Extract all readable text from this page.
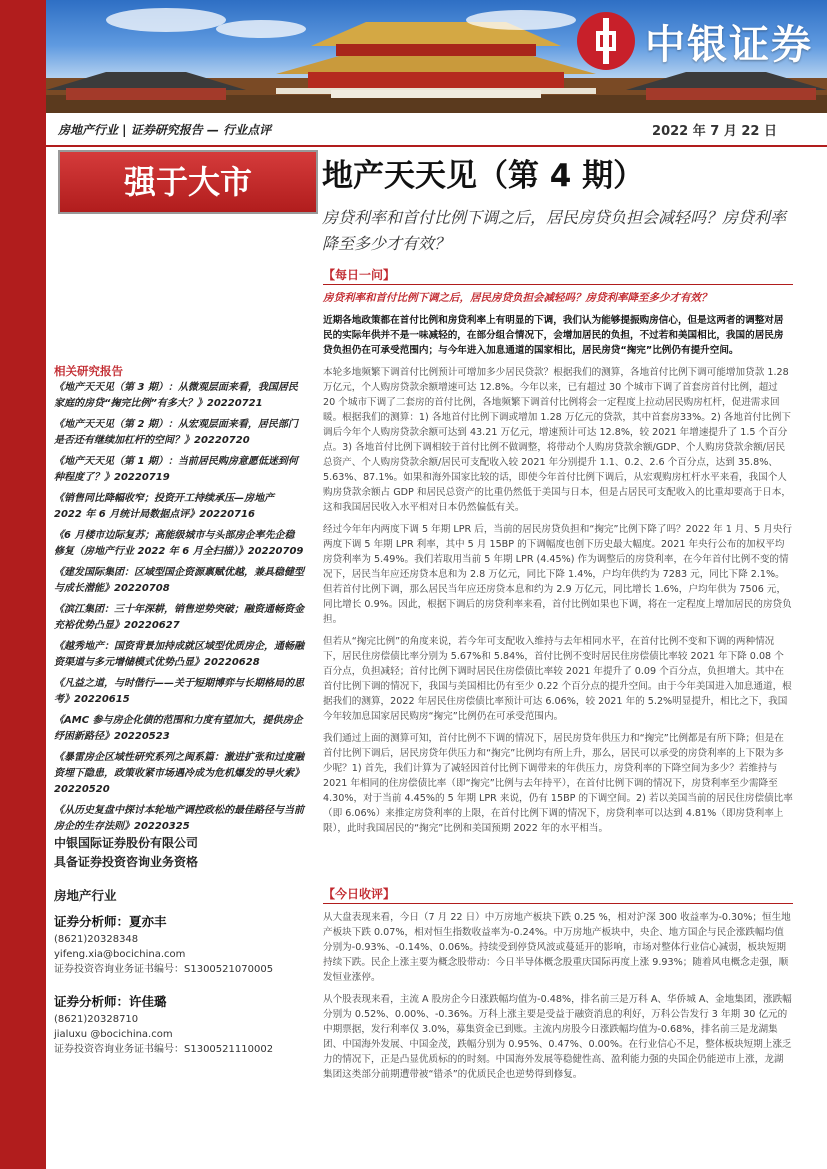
中银证券
房地产行业 | 证券研究报告 — 行业点评	2022 年 7 月 22 日
强于大市	地产天天见（第 4 期）
房贷利率和首付比例下调之后，居民房贷负担会减轻吗？房贷利率降至多少才有效？
相关研究报告
《地产天天见（第 3 期）：从微观层面来看，我国居民家庭的房贷“掬完比例”有多大？》20220721
《地产天天见（第 2 期）：从宏观层面来看，居民部门是否还有继续加杠杆的空间？》20220720
《地产天天见（第 1 期）：当前居民购房意愿低迷到何种程度了？》20220719
《销售同比降幅收窄；投资开工持续承压—房地产 2022 年 6 月统计局数据点评》20220716
《6 月楼市边际复苏；高能级城市与头部房企率先企稳修复（房地产行业 2022 年 6 月全扫描）》20220709
《建发国际集团：区域型国企资源禀赋优越，兼具稳健型与成长潜能》20220708
《滨江集团：三十年深耕，销售逆势突破；融资通畅资金充裕优势凸显》20220627
《越秀地产：国资背景加持成就区域型优质房企，通畅融资渠道与多元增储模式优势凸显》20220628
《凡益之道，与时偕行——关于短期博弈与长期格局的思考》20220615
《AMC 参与房企化债的范围和力度有望加大，提供房企纾困新路径》20220523
《暴雷房企区域性研究系列之闽系篇：激进扩张和过度融资埋下隐患，政策收紧市场遇冷成为危机爆发的导火索》20220520
《从历史复盘中探讨本轮地产调控政松的最佳路径与当前房企的生存法则》20220325
中银国际证券股份有限公司
具备证券投资咨询业务资格
房地产行业
证券分析师：夏亦丰
(8621)20328348
yifeng.xia@bocichina.com
证券投资咨询业务证书编号：S1300521070005
证券分析师：许佳璐
(8621)20328710
jialuxu @bocichina.com
证券投资咨询业务证书编号：S1300521110002
【每日一问】
房贷利率和首付比例下调之后，居民房贷负担会减轻吗？房贷利率降至多少才有效？
近期各地政策都在首付比例和房贷利率上有明显的下调，我们认为能够提振购房信心，但是这两者的调整对居民的实际年供并不是一味减轻的，在部分组合情况下，会增加居民的负担，不过若和美国相比，我国的居民房贷负担仍在可承受范围内；与今年进入加息通道的国家相比，居民房贷“掬完”比例仍有提升空间。
本轮多地频繁下调首付比例预计可增加多少居民贷款？根据我们的测算，各地首付比例下调可能增加贷款 1.28 万亿元，个人购房贷款余额增速可达 12.8%。今年以来，已有超过 30 个城市下调了首套房首付比例，超过 20 个城市下调了二套房的首付比例，各地频繁下调首付比例将会一定程度上拉动居民购房杠杆，促进需求回暖。根据我们的测算：1) 各地首付比例下调或增加 1.28 万亿元的贷款，其中首套房33%。2) 各地首付比例下调后今年个人购房贷款余额可达到 43.21 万亿元，增速预计可达 12.8%，较 2021 年增速提升了 1.5 个百分点。3) 各地首付比例下调相较于首付比例不做调整，将带动个人购房贷款余额/GDP、个人购房贷款余额/居民总资产、个人购房贷款余额/居民可支配收入较 2021 年分别提升 1.1、0.2、2.6 个百分点，达到 35.8%、5.63%、87.1%。如果和海外国家比较的话，即使今年首付比例下调后，从宏观购房杠杆水平来看，我国个人购房贷款余额占 GDP 和居民总资产的比重仍然低于美国与日本，但是占居民可支配收入的比重却要高于日本，这和我国居民收入水平相对日本仍然偏低有关。
经过今年年内两度下调 5 年期 LPR 后，当前的居民房贷负担和“掬完”比例下降了吗？2022 年 1 月、5 月央行两度下调 5 年期 LPR 利率，其中 5 月 15BP 的下调幅度也创下历史最大幅度。2021 年央行公布的加权平均房贷利率为 5.49%。我们若取用当前 5 年期 LPR (4.45%) 作为调整后的房贷利率，在今年首付比例不变的情况下，居民当年应还房贷本息和为 2.8 万亿元，同比下降 1.4%，户均年供约为 7283 元，同比下降 2.1%。但若首付比例下调，那么居民当年应还房贷本息和约为 2.9 万亿元，同比增长 1.6%，户均年供为 7506 元，同比增长 0.9%。因此，根据下调后的房贷利率来看，首付比例如果也下调，将在一定程度上增加居民的房贷负担。
但若从“掬完比例”的角度来说，若今年可支配收入维持与去年相同水平，在首付比例不变和下调的两种情况下，居民住房偿债比率分别为 5.67%和 5.84%，首付比例不变时居民住房偿债比率较 2021 年下降 0.08 个百分点，负担减轻；首付比例下调时居民住房偿债比率较 2021 年提升了 0.09 个百分点，负担增大。其中在首付比例下调的情况下，我国与美国相比仍有至少 0.22 个百分点的提升空间。由于今年美国进入加息通道，根据我们的测算，2022 年居民住房偿债比率预计可达 6.06%，较 2021 年的 5.2%明显提升，相比之下，我国今年较加息国家居民购房“掬完”比例仍在可承受范围内。
我们通过上面的测算可知，首付比例不下调的情况下，居民房贷年供压力和“掬完”比例都是有所下降；但是在首付比例下调后，居民房贷年供压力和“掬完”比例均有所上升，那么，居民可以承受的房贷利率的上下限为多少呢？1) 首先，我们计算为了减轻因首付比例下调带来的年供压力，房贷利率的下降空间为多少？若维持与 2021 年相同的住房偿债比率（即“掬完”比例与去年持平），在首付比例下调的情况下，房贷利率至少需降至 4.30%，对于当前 4.45%的 5 年期 LPR 来说，仍有 15BP 的下调空间。2) 若以美国当前的居民住房偿债比率（即 6.06%）来推定房贷利率的上限，在首付比例下调的情况下，房贷利率可以达到 4.81%（即房贷利率上限），此时我国居民的“掬完”比例和美国预期 2022 年的水平相当。
【今日收评】
从大盘表现来看，今日（7 月 22 日）中万房地产板块下跌 0.25 %，相对沪深 300 收益率为-0.30%；恒生地产板块下跌 0.07%，相对恒生指数收益率为-0.24%。中万房地产板块中，央企、地方国企与民企涨跌幅均值分别为-0.93%、-0.14%、0.06%。持续受到停贷风波或蔓延开的影响，市场对整体行业信心减弱，板块短期持续下跌。民企上涨主要为概念股带动：今日半导体概念股重庆国际再度上涨 9.93%；随着风电概念走强，顺发恒业涨停。
从个股表现来看，主流 A 股房企今日涨跌幅均值为-0.48%，排名前三是万科 A、华侨城 A、金地集团，涨跌幅分别为 0.52%、0.00%、-0.36%。万科上涨主要是受益于融资消息的利好，万科公告发行 3 年期 30 亿元的中期票据，发行利率仅 3.0%，募集资金已到账。主流内房股今日涨跌幅均值为-0.68%，排名前三是龙湖集团、中国海外发展、中国金茂，跌幅分别为 0.95%、0.47%、0.00%。在行业信心不足，整体板块短期上涨乏力的情况下，正是凸显优质标的的时刻。中国海外发展等稳健性高、盈利能力强的央国企仍能逆市上涨，龙湖集团这类部分前期遭带被“错杀”的优质民企也逆势得到修复。
